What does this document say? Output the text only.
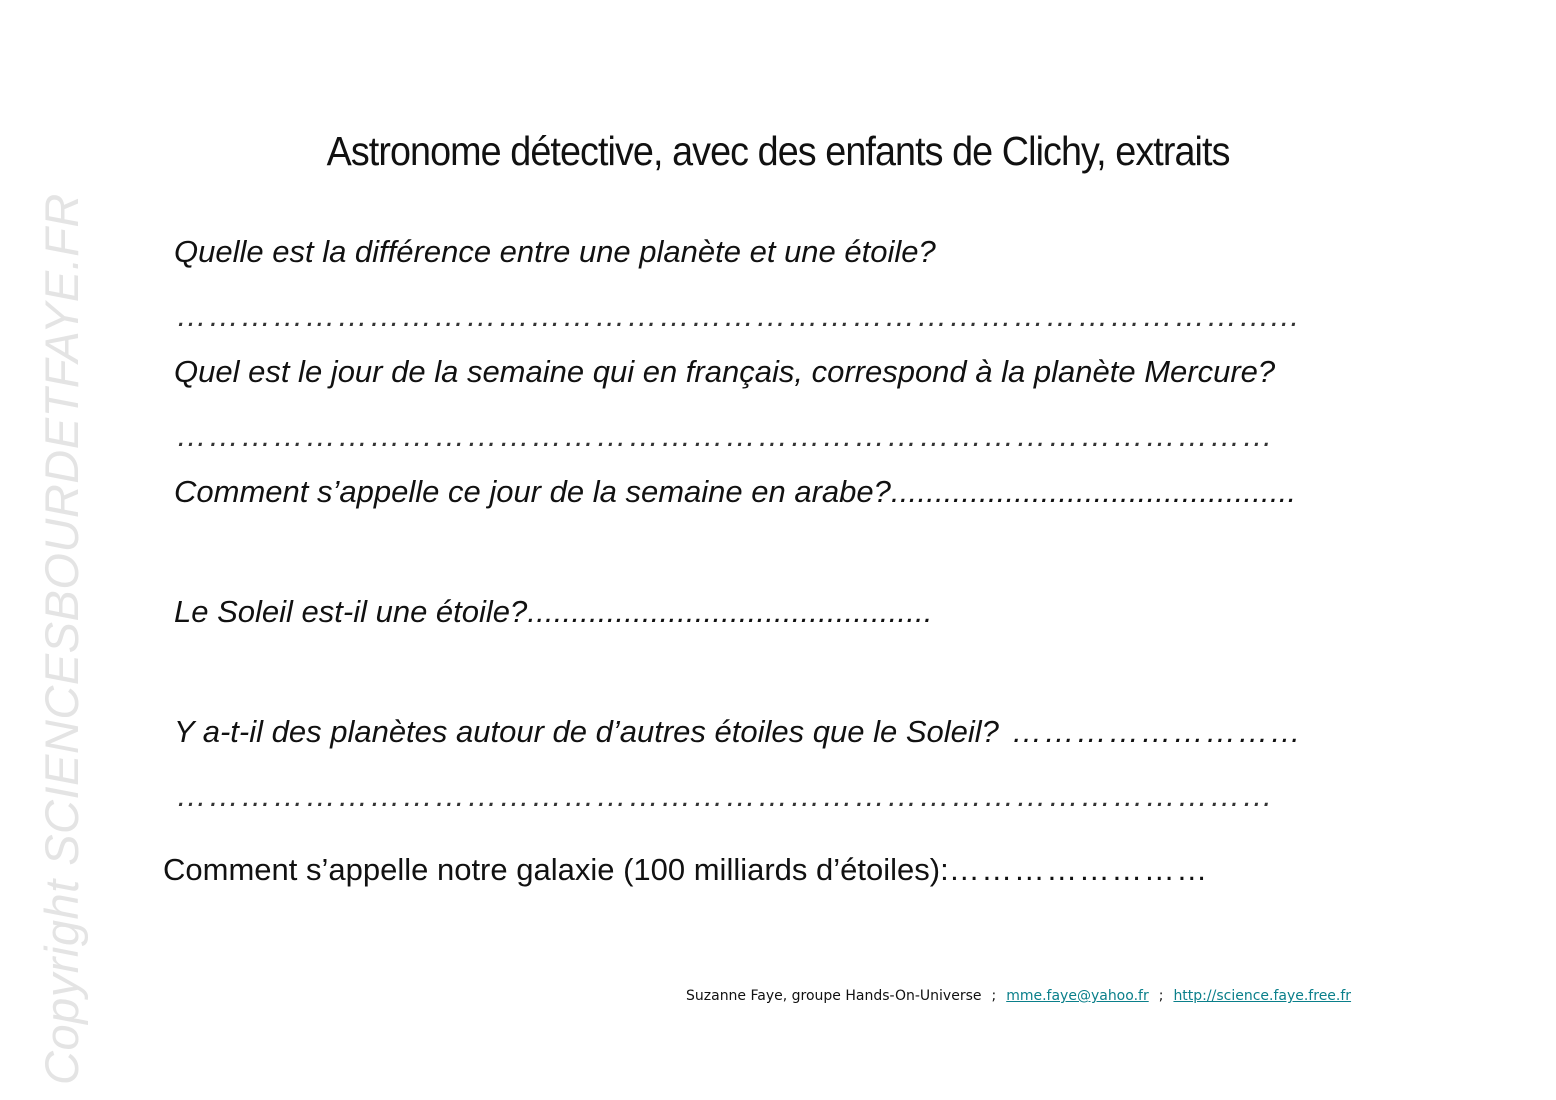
Copyright SCIENCESBOURDETFAYE.FR
Astronome détective, avec des enfants de Clichy, extraits
Quelle est la différence entre une planète et une étoile?
…………………………………………………………………………………………...
Quel est le jour de la semaine qui en français, correspond à la planète Mercure?
…………………………………………………………………………………………
Comment s’appelle ce jour de la semaine en arabe?..............................................
Le Soleil est-il une étoile?..............................................
Y a-t-il des planètes autour de d’autres étoiles que le Soleil? ………………………
…………………………………………………………………………………………
Comment s’appelle notre galaxie (100 milliards d’étoiles):……………………
Suzanne Faye, groupe Hands-On-Universe ; mme.faye@yahoo.fr ; http://science.faye.free.fr
